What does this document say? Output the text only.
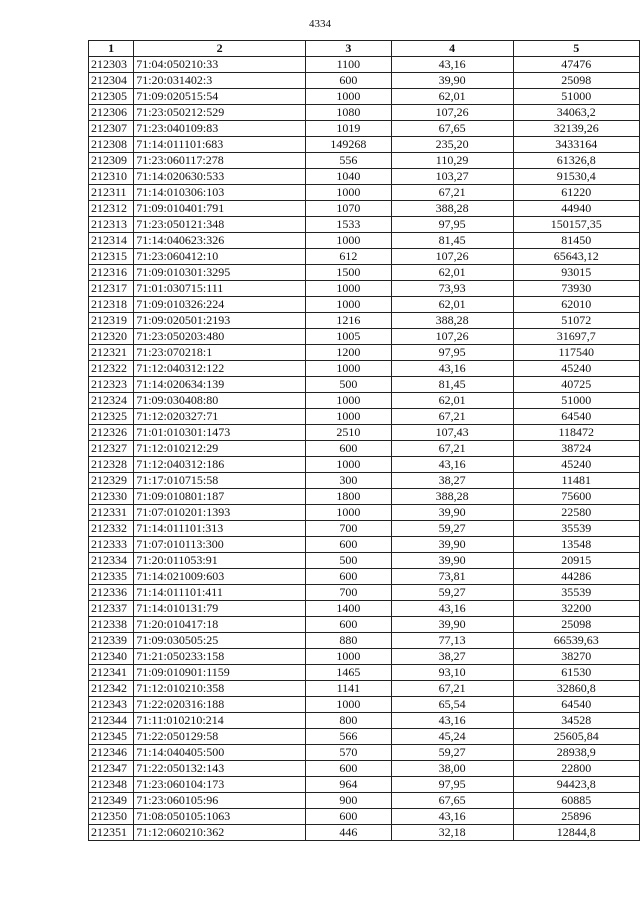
4334
1	2	3	4	5
212303	71:04:050210:33	1100	43,16	47476
212304	71:20:031402:3	600	39,90	25098
212305	71:09:020515:54	1000	62,01	51000
212306	71:23:050212:529	1080	107,26	34063,2
212307	71:23:040109:83	1019	67,65	32139,26
212308	71:14:011101:683	149268	235,20	3433164
212309	71:23:060117:278	556	110,29	61326,8
212310	71:14:020630:533	1040	103,27	91530,4
212311	71:14:010306:103	1000	67,21	61220
212312	71:09:010401:791	1070	388,28	44940
212313	71:23:050121:348	1533	97,95	150157,35
212314	71:14:040623:326	1000	81,45	81450
212315	71:23:060412:10	612	107,26	65643,12
212316	71:09:010301:3295	1500	62,01	93015
212317	71:01:030715:111	1000	73,93	73930
212318	71:09:010326:224	1000	62,01	62010
212319	71:09:020501:2193	1216	388,28	51072
212320	71:23:050203:480	1005	107,26	31697,7
212321	71:23:070218:1	1200	97,95	117540
212322	71:12:040312:122	1000	43,16	45240
212323	71:14:020634:139	500	81,45	40725
212324	71:09:030408:80	1000	62,01	51000
212325	71:12:020327:71	1000	67,21	64540
212326	71:01:010301:1473	2510	107,43	118472
212327	71:12:010212:29	600	67,21	38724
212328	71:12:040312:186	1000	43,16	45240
212329	71:17:010715:58	300	38,27	11481
212330	71:09:010801:187	1800	388,28	75600
212331	71:07:010201:1393	1000	39,90	22580
212332	71:14:011101:313	700	59,27	35539
212333	71:07:010113:300	600	39,90	13548
212334	71:20:011053:91	500	39,90	20915
212335	71:14:021009:603	600	73,81	44286
212336	71:14:011101:411	700	59,27	35539
212337	71:14:010131:79	1400	43,16	32200
212338	71:20:010417:18	600	39,90	25098
212339	71:09:030505:25	880	77,13	66539,63
212340	71:21:050233:158	1000	38,27	38270
212341	71:09:010901:1159	1465	93,10	61530
212342	71:12:010210:358	1141	67,21	32860,8
212343	71:22:020316:188	1000	65,54	64540
212344	71:11:010210:214	800	43,16	34528
212345	71:22:050129:58	566	45,24	25605,84
212346	71:14:040405:500	570	59,27	28938,9
212347	71:22:050132:143	600	38,00	22800
212348	71:23:060104:173	964	97,95	94423,8
212349	71:23:060105:96	900	67,65	60885
212350	71:08:050105:1063	600	43,16	25896
212351	71:12:060210:362	446	32,18	12844,8
